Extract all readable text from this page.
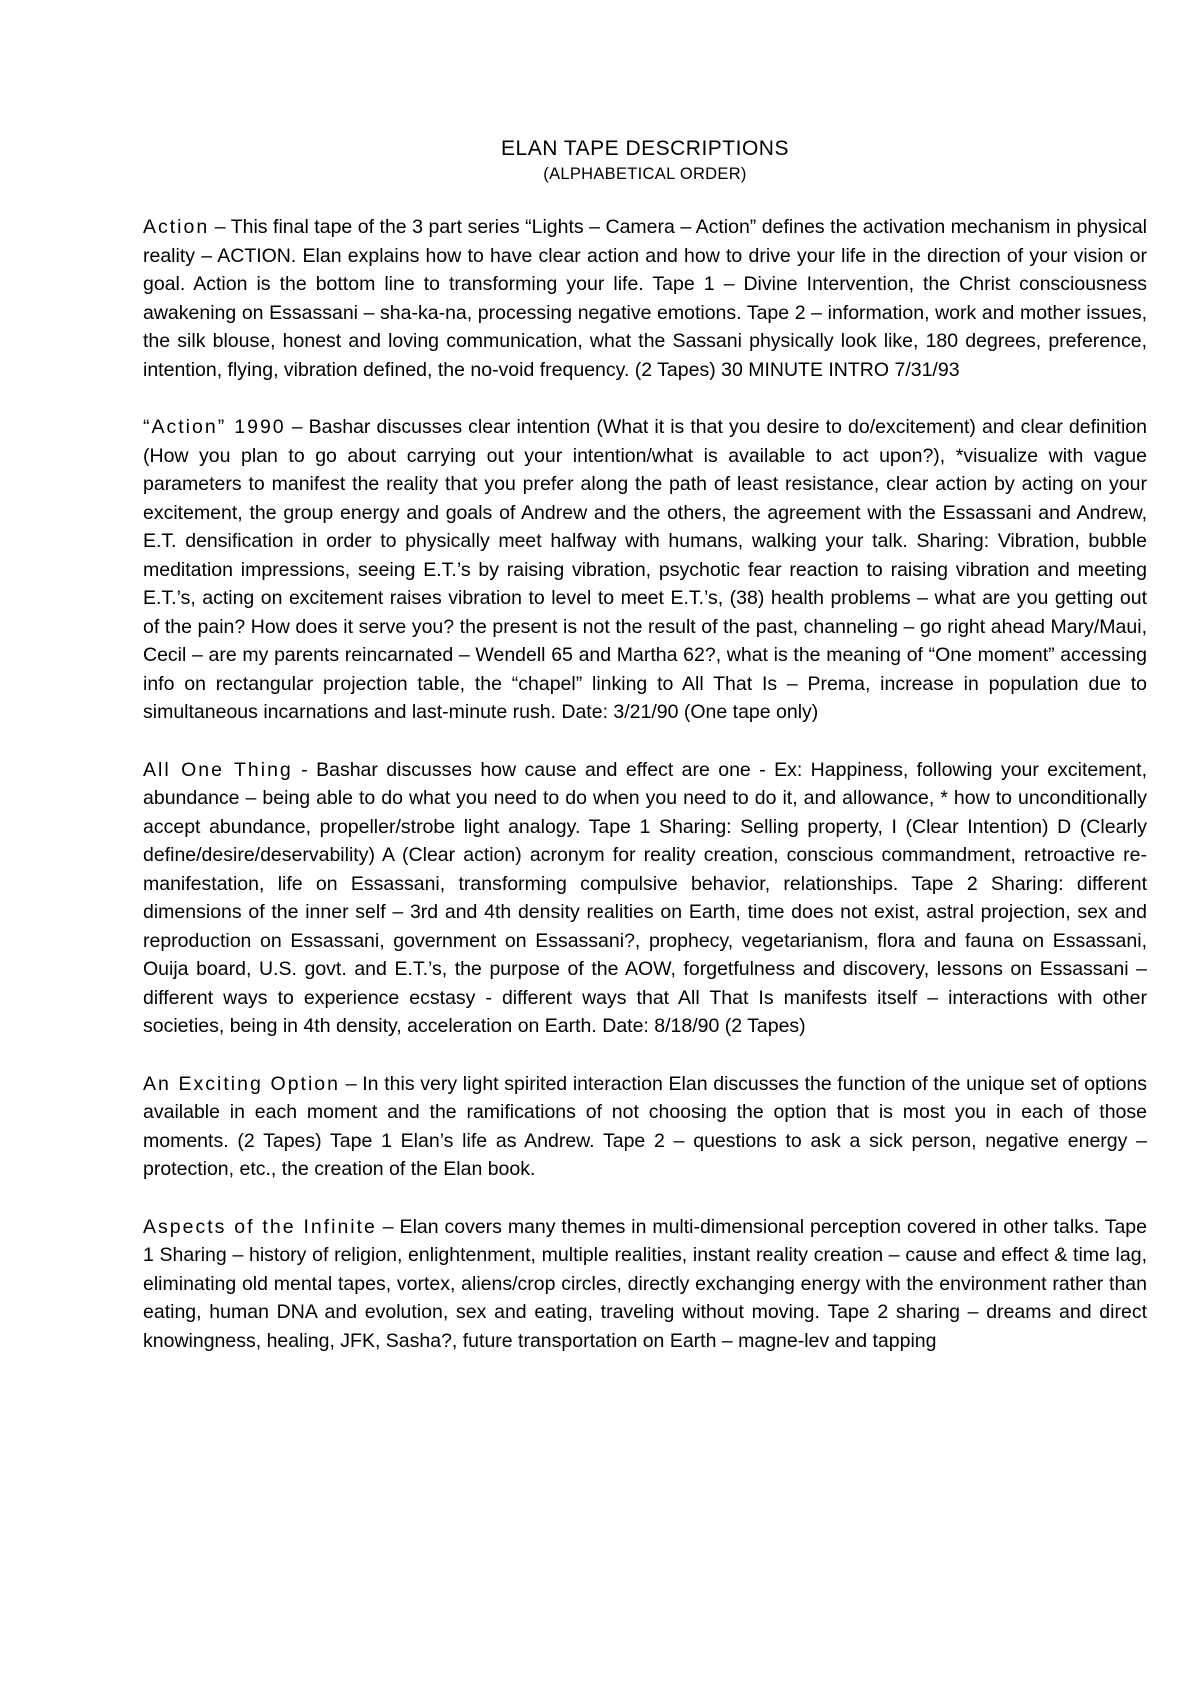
ELAN TAPE DESCRIPTIONS
(ALPHABETICAL ORDER)

Action – This final tape of the 3 part series “Lights – Camera – Action” defines the activation mechanism in physical reality – ACTION. Elan explains how to have clear action and how to drive your life in the direction of your vision or goal. Action is the bottom line to transforming your life. Tape 1 – Divine Intervention, the Christ consciousness awakening on Essassani – sha-ka-na, processing negative emotions. Tape 2 – information, work and mother issues, the silk blouse, honest and loving communication, what the Sassani physically look like, 180 degrees, preference, intention, flying, vibration defined, the no-void frequency. (2 Tapes) 30 MINUTE INTRO 7/31/93

“Action” 1990 – Bashar discusses clear intention (What it is that you desire to do/excitement) and clear definition (How you plan to go about carrying out your intention/what is available to act upon?), *visualize with vague parameters to manifest the reality that you prefer along the path of least resistance, clear action by acting on your excitement, the group energy and goals of Andrew and the others, the agreement with the Essassani and Andrew, E.T. densification in order to physically meet halfway with humans, walking your talk. Sharing: Vibration, bubble meditation impressions, seeing E.T.’s by raising vibration, psychotic fear reaction to raising vibration and meeting E.T.’s, acting on excitement raises vibration to level to meet E.T.’s, (38) health problems – what are you getting out of the pain? How does it serve you? the present is not the result of the past, channeling – go right ahead Mary/Maui, Cecil – are my parents reincarnated – Wendell 65 and Martha 62?, what is the meaning of “One moment” accessing info on rectangular projection table, the “chapel” linking to All That Is – Prema, increase in population due to simultaneous incarnations and last-minute rush. Date: 3/21/90 (One tape only)

All One Thing - Bashar discusses how cause and effect are one - Ex: Happiness, following your excitement, abundance – being able to do what you need to do when you need to do it, and allowance, * how to unconditionally accept abundance, propeller/strobe light analogy. Tape 1 Sharing: Selling property, I (Clear Intention) D (Clearly define/desire/deservability) A (Clear action) acronym for reality creation, conscious commandment, retroactive re-manifestation, life on Essassani, transforming compulsive behavior, relationships. Tape 2 Sharing: different dimensions of the inner self – 3rd and 4th density realities on Earth, time does not exist, astral projection, sex and reproduction on Essassani, government on Essassani?, prophecy, vegetarianism, flora and fauna on Essassani, Ouija board, U.S. govt. and E.T.’s, the purpose of the AOW, forgetfulness and discovery, lessons on Essassani – different ways to experience ecstasy - different ways that All That Is manifests itself – interactions with other societies, being in 4th density, acceleration on Earth. Date: 8/18/90 (2 Tapes)

An Exciting Option – In this very light spirited interaction Elan discusses the function of the unique set of options available in each moment and the ramifications of not choosing the option that is most you in each of those moments. (2 Tapes) Tape 1 Elan’s life as Andrew. Tape 2 – questions to ask a sick person, negative energy – protection, etc., the creation of the Elan book.

Aspects of the Infinite – Elan covers many themes in multi-dimensional perception covered in other talks. Tape 1 Sharing – history of religion, enlightenment, multiple realities, instant reality creation – cause and effect & time lag, eliminating old mental tapes, vortex, aliens/crop circles, directly exchanging energy with the environment rather than eating, human DNA and evolution, sex and eating, traveling without moving. Tape 2 sharing – dreams and direct knowingness, healing, JFK, Sasha?, future transportation on Earth – magne-lev and tapping
